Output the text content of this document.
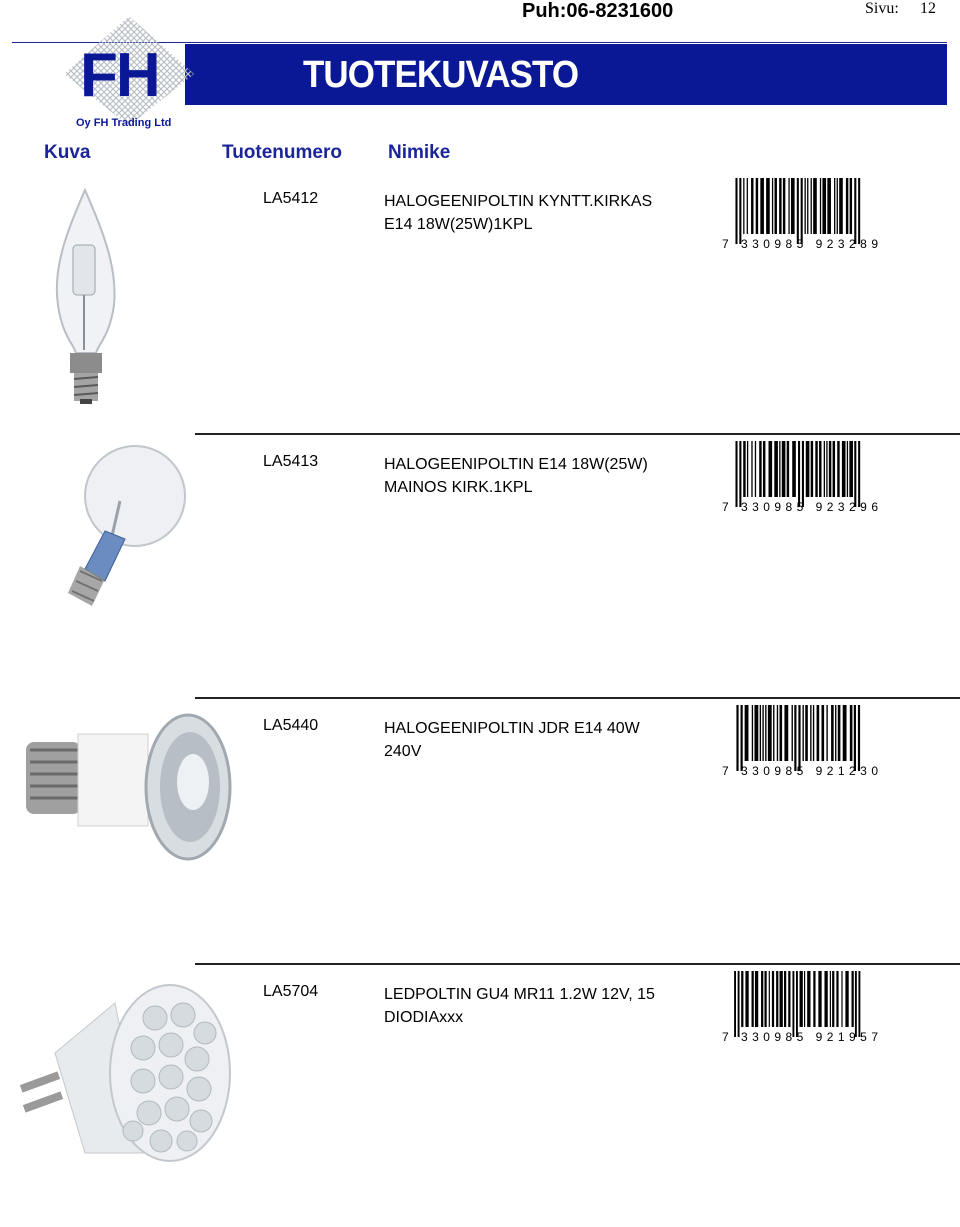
Puh:06-8231600	Sivu: 12
TUOTEKUVASTO
FH
Oy FH Trading Ltd
Kuva	Tuotenumero Nimike
LA5412	HALOGEENIPOLTIN KYNTT.KIRKAS
E14 18W(25W)1KPL
7 330985 923289
LA5413	HALOGEENIPOLTIN E14 18W(25W)
MAINOS KIRK.1KPL
7 330985 923296
LA5440	HALOGEENIPOLTIN JDR E14 40W
240V
7 330985 921230
LA5704	LEDPOLTIN GU4 MR11 1.2W 12V, 15
DIODIAxxx
7 330985 921957
